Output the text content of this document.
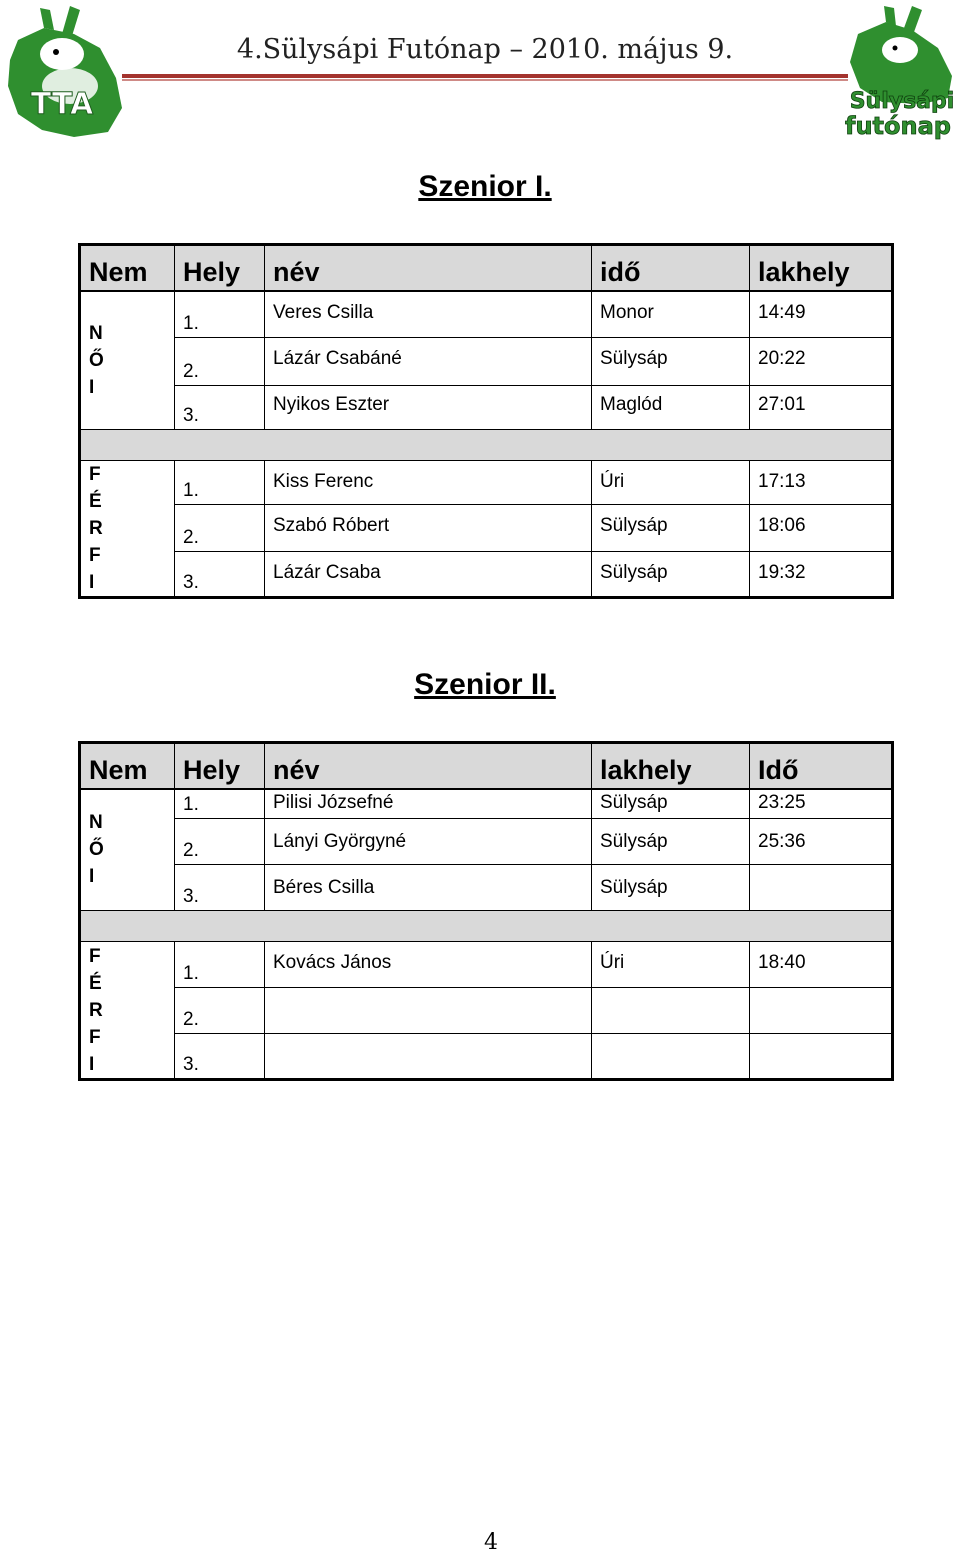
TTA	Sülysápi
futónap
4.Sülysápi Futónap – 2010. május 9.
Szenior I.
Nem	Hely	név	idő	lakhely

N
Ő
I	1.	Veres Csilla	Monor	14:49
	2.	Lázár Csabáné	Sülysáp	20:22
	3.	Nyikos Eszter	Maglód	27:01

F
É
R
F
I	1.	Kiss Ferenc	Úri	17:13
	2.	Szabó Róbert	Sülysáp	18:06
	3.	Lázár Csaba	Sülysáp	19:32
Szenior II.
Nem	Hely	név	lakhely	Idő

N
Ő
I	1.	Pilisi Józsefné	Sülysáp	23:25
	2.	Lányi Györgyné	Sülysáp	25:36
	3.	Béres Csilla	Sülysáp	

F
É
R
F
I	1.	Kovács János	Úri	18:40
	2.			
	3.			
4
